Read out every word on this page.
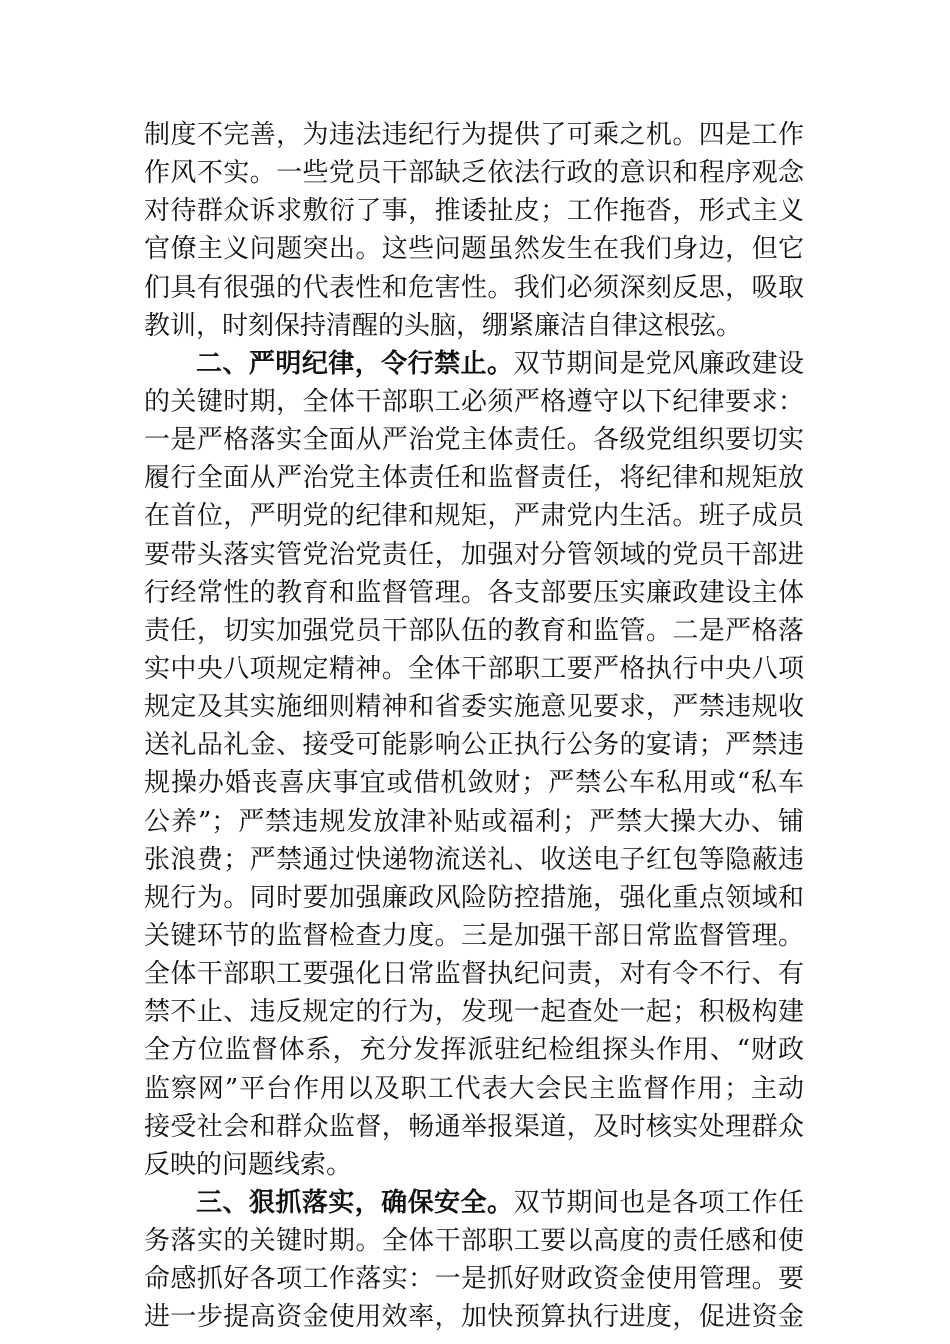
制度不完善，为违法违纪行为提供了可乘之机。四是工作
作风不实。一些党员干部缺乏依法行政的意识和程序观念
对待群众诉求敷衍了事，推诿扯皮；工作拖沓，形式主义
官僚主义问题突出。这些问题虽然发生在我们身边，但它
们具有很强的代表性和危害性。我们必须深刻反思，吸取
教训，时刻保持清醒的头脑，绷紧廉洁自律这根弦。
二、严明纪律，令行禁止。双节期间是党风廉政建设
的关键时期，全体干部职工必须严格遵守以下纪律要求：
一是严格落实全面从严治党主体责任。各级党组织要切实
履行全面从严治党主体责任和监督责任，将纪律和规矩放
在首位，严明党的纪律和规矩，严肃党内生活。班子成员
要带头落实管党治党责任，加强对分管领域的党员干部进
行经常性的教育和监督管理。各支部要压实廉政建设主体
责任，切实加强党员干部队伍的教育和监管。二是严格落
实中央八项规定精神。全体干部职工要严格执行中央八项
规定及其实施细则精神和省委实施意见要求，严禁违规收
送礼品礼金、接受可能影响公正执行公务的宴请；严禁违
规操办婚丧喜庆事宜或借机敛财；严禁公车私用或“私车
公养”；严禁违规发放津补贴或福利；严禁大操大办、铺
张浪费；严禁通过快递物流送礼、收送电子红包等隐蔽违
规行为。同时要加强廉政风险防控措施，强化重点领域和
关键环节的监督检查力度。三是加强干部日常监督管理。
全体干部职工要强化日常监督执纪问责，对有令不行、有
禁不止、违反规定的行为，发现一起查处一起；积极构建
全方位监督体系，充分发挥派驻纪检组探头作用、“财政
监察网”平台作用以及职工代表大会民主监督作用；主动
接受社会和群众监督，畅通举报渠道，及时核实处理群众
反映的问题线索。
三、狠抓落实，确保安全。双节期间也是各项工作任
务落实的关键时期。全体干部职工要以高度的责任感和使
命感抓好各项工作落实：一是抓好财政资金使用管理。要
进一步提高资金使用效率，加快预算执行进度，促进资金
